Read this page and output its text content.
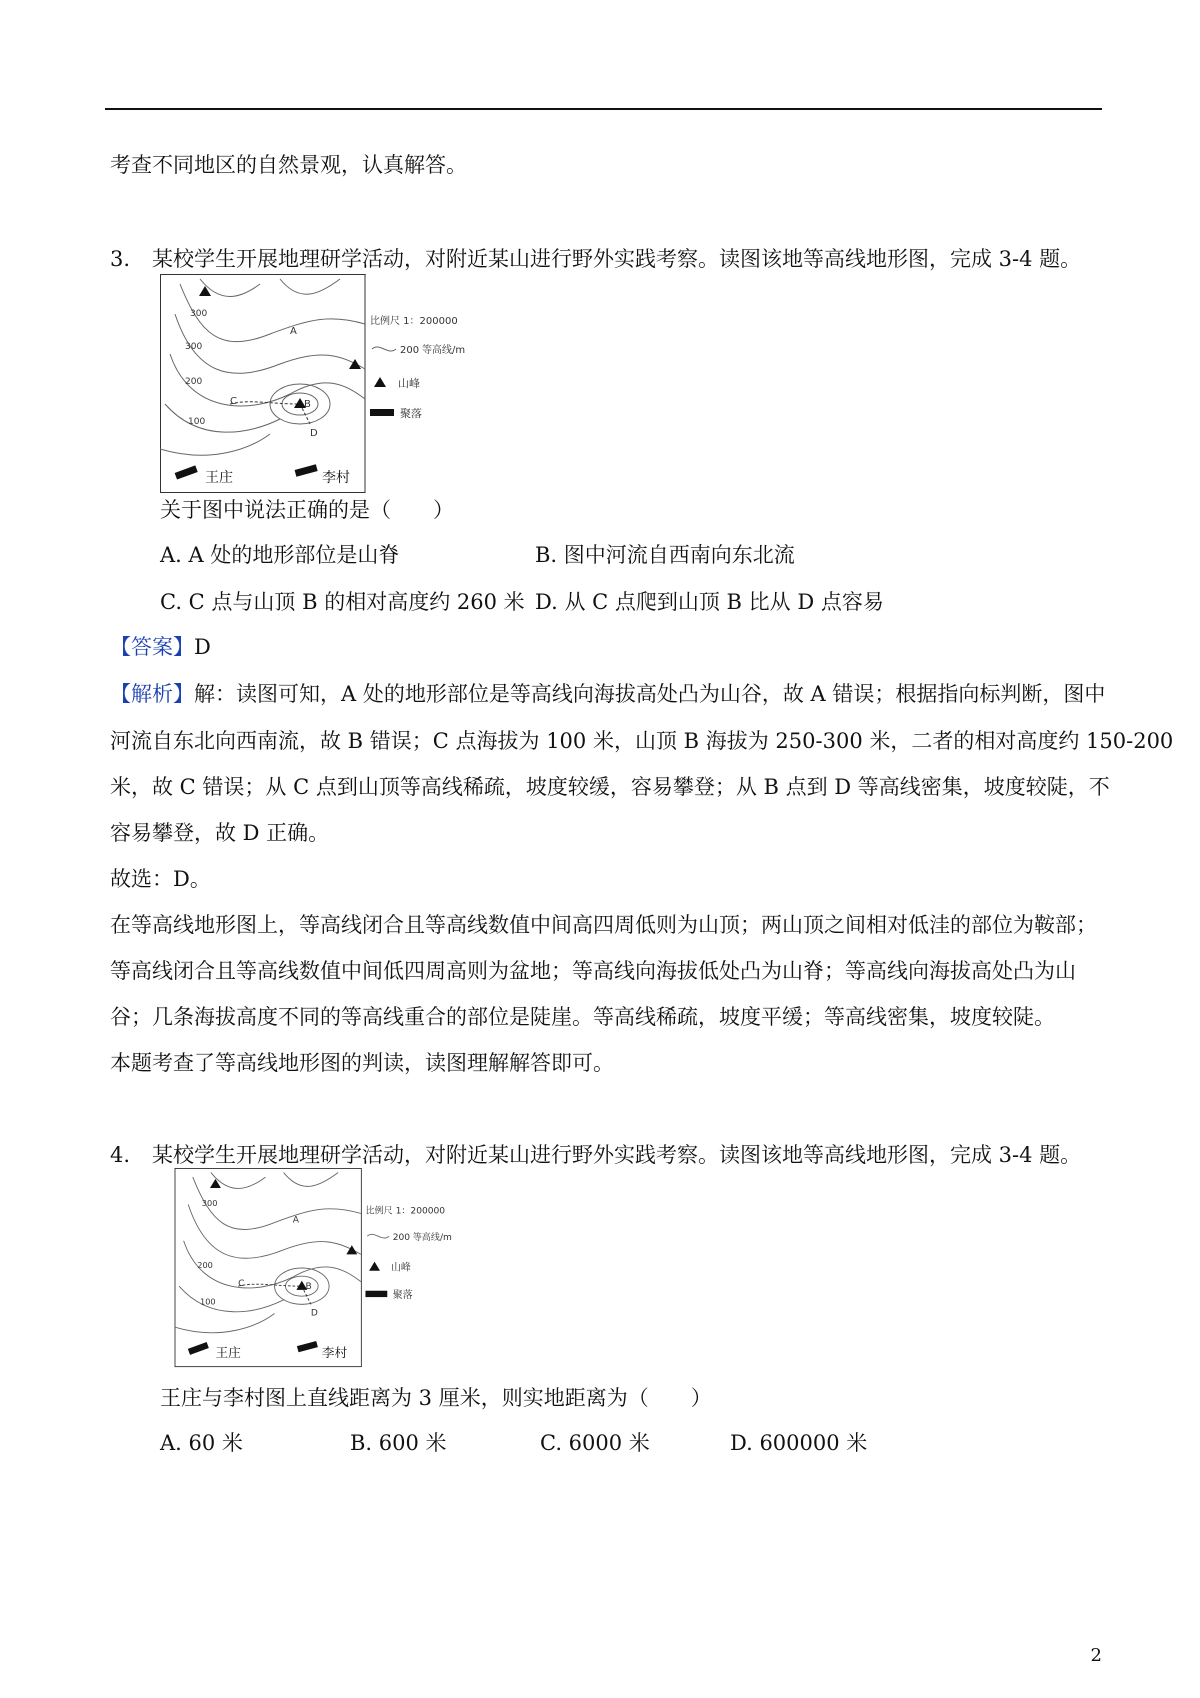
考查不同地区的自然景观，认真解答。
3. 某校学生开展地理研学活动，对附近某山进行野外实践考察。读图该地等高线地形图，完成 3-4 题。
300
300
200
100
A
B
C
D
王庄	李村
比例尺 1：200000
200 等高线/m
山峰
聚落
关于图中说法正确的是（　　）
A. A 处的地形部位是山脊	B. 图中河流自西南向东北流
C. C 点与山顶 B 的相对高度约 260 米 D. 从 C 点爬到山顶 B 比从 D 点容易
【答案】D
【解析】解：读图可知，A 处的地形部位是等高线向海拔高处凸为山谷，故 A 错误；根据指向标判断，图中
河流自东北向西南流，故 B 错误；C 点海拔为 100 米，山顶 B 海拔为 250-300 米，二者的相对高度约 150-200
米，故 C 错误；从 C 点到山顶等高线稀疏，坡度较缓，容易攀登；从 B 点到 D 等高线密集，坡度较陡，不
容易攀登，故 D 正确。
故选：D。
在等高线地形图上，等高线闭合且等高线数值中间高四周低则为山顶；两山顶之间相对低洼的部位为鞍部；
等高线闭合且等高线数值中间低四周高则为盆地；等高线向海拔低处凸为山脊；等高线向海拔高处凸为山
谷；几条海拔高度不同的等高线重合的部位是陡崖。等高线稀疏，坡度平缓；等高线密集，坡度较陡。
本题考查了等高线地形图的判读，读图理解解答即可。
4. 某校学生开展地理研学活动，对附近某山进行野外实践考察。读图该地等高线地形图，完成 3-4 题。
300
200
100
A
B
C
D
王庄	李村
比例尺 1：200000
200 等高线/m
山峰
聚落
王庄与李村图上直线距离为 3 厘米，则实地距离为（　　）
A. 60 米	B. 600 米	C. 6000 米	D. 600000 米
2
